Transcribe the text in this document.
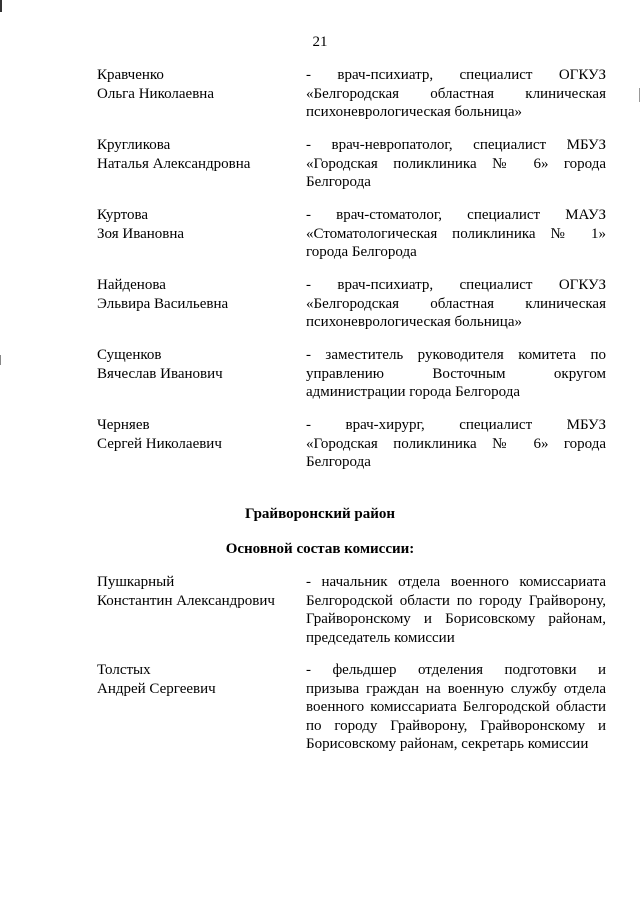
21
Кравченко
Ольга Николаевна
- врач-психиатр, специалист ОГКУЗ
«Белгородская областная клиническая
психоневрологическая больница»
Кругликова
Наталья Александровна
- врач-невропатолог, специалист МБУЗ
«Городская поликлиника № 6» города
Белгорода
Куртова
Зоя Ивановна
- врач-стоматолог, специалист МАУЗ
«Стоматологическая поликлиника № 1»
города Белгорода
Найденова
Эльвира Васильевна
- врач-психиатр, специалист ОГКУЗ
«Белгородская областная клиническая
психоневрологическая больница»
Сущенков
Вячеслав Иванович
- заместитель руководителя комитета по
управлению Восточным округом
администрации города Белгорода
Черняев
Сергей Николаевич
- врач-хирург, специалист МБУЗ
«Городская поликлиника № 6» города
Белгорода
Грайворонский район
Основной состав комиссии:
Пушкарный
Константин Александрович
- начальник отдела военного комиссариата
Белгородской области по городу Грайворону,
Грайворонскому и Борисовскому районам,
председатель комиссии
Толстых
Андрей Сергеевич
- фельдшер отделения подготовки и
призыва граждан на военную службу отдела
военного комиссариата Белгородской области
по городу Грайворону, Грайворонскому и
Борисовскому районам, секретарь комиссии
